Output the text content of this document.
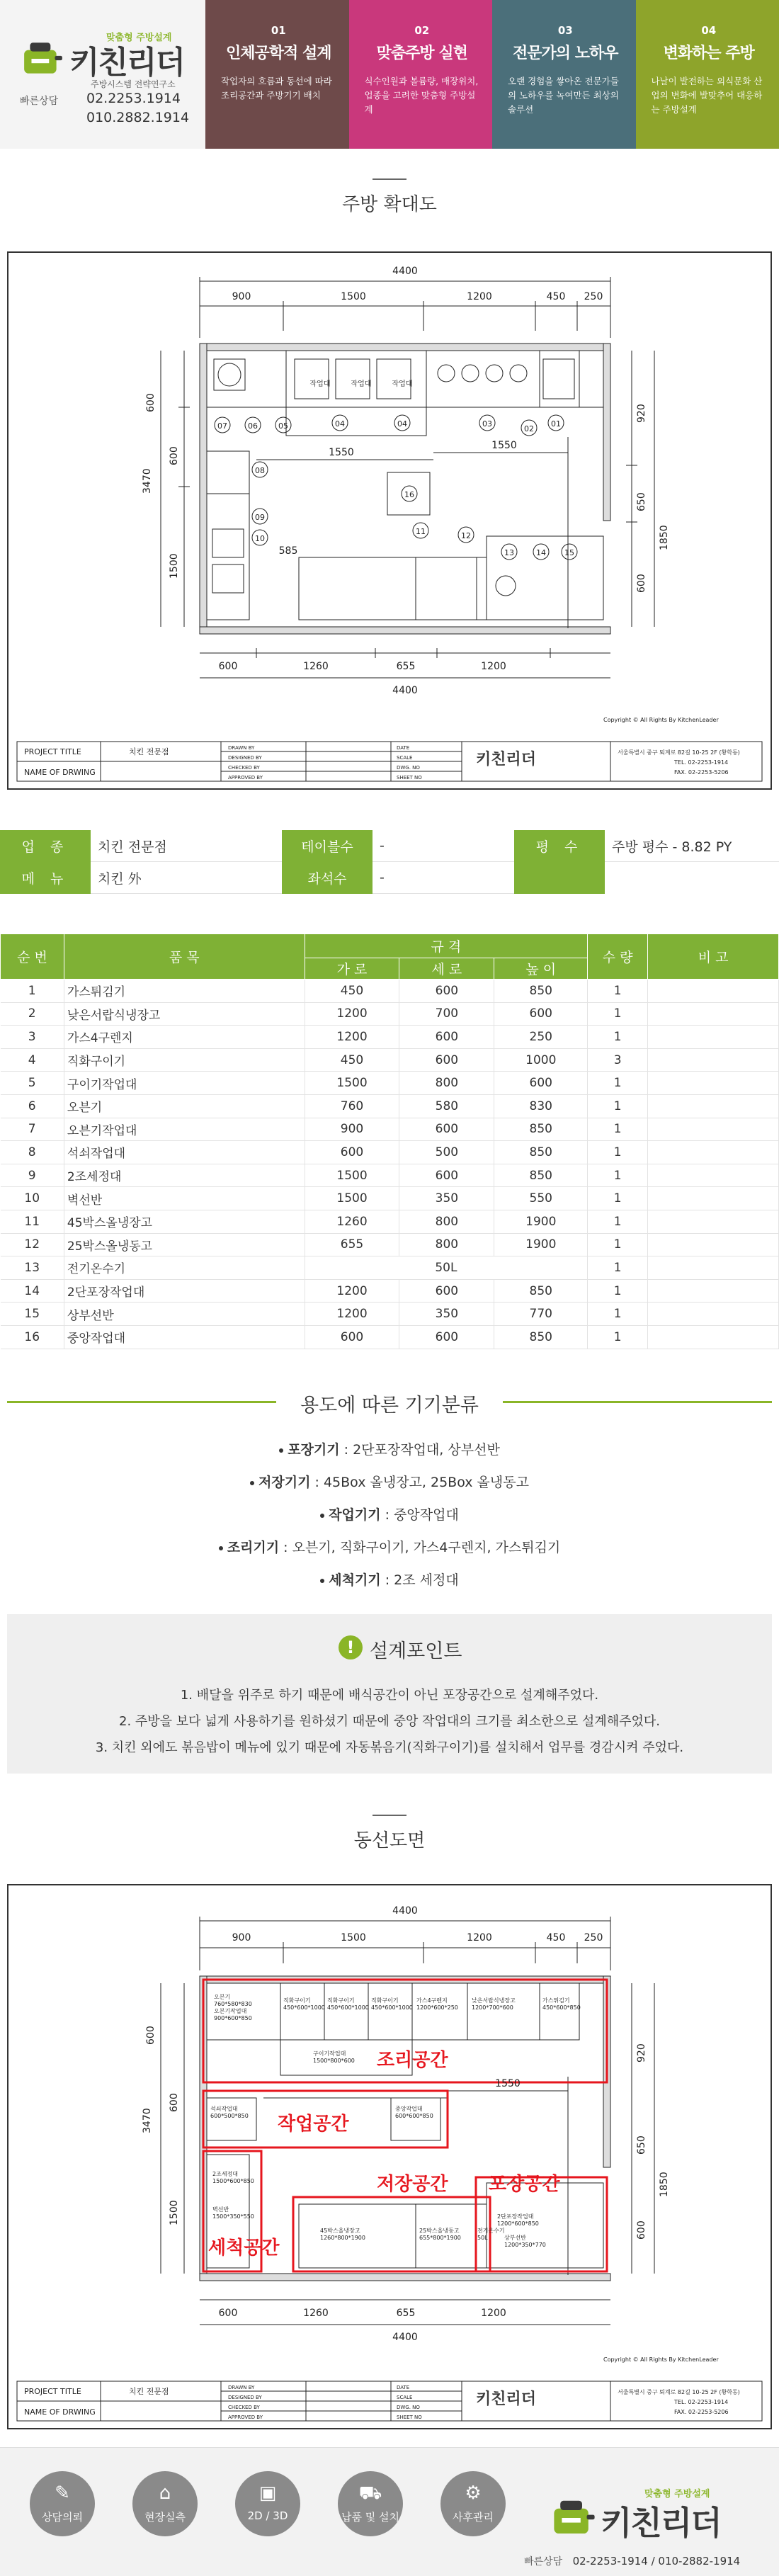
맞춤형 주방설계
키친리더
주방시스템 전략연구소
빠른상담 02.2253.1914
010.2882.1914
01
인체공학적 설계
작업자의 흐름과 동선에 따라 조리공간과 주방기기 배치
02
맞춤주방 실현
식수인원과 볼륨량, 매장위치, 업종을 고려한 맞춤형 주방설계
03
전문가의 노하우
오랜 경험을 쌓아온 전문가들의 노하우를 녹여만든 최상의 솔루션
04
변화하는 주방
나날이 발전하는 외식문화 산업의 변화에 발맞추어 대응하는 주방설계
주방 확대도
4400
900	1500	1200	450 250
600	1260	655	1200
4400
1550
1550
585
작업대	작업대	작업대
01
02
03
04
04
05
06
07
08
09
10
11	12
13	14 15
16
600
3470
600
1500
920
650
1850
600
PROJECT TITLE	치킨 전문점
NAME OF DRWING
DRAWN BY
DESIGNED BY
CHECKED BY
APPROVED BY
DATE
SCALE
DWG. NO
SHEET NO
키친리더	서울특별시 중구 퇴계로 82길 10-25 2F (황학동)
TEL. 02-2253-1914
FAX. 02-2253-5206
Copyright © All Rights By KitchenLeader
업 종	치킨 전문점	테이블수	-	평 수	주방 평수 - 8.82 PY
메 뉴	치킨 外	좌석수	-
순 번	품 목	규 격			수 량	비 고
		가 로	세 로	높 이		
1	가스튀김기	450	600	850	1	
2	낮은서랍식냉장고	1200	700	600	1	
3	가스4구렌지	1200	600	250	1	
4	직화구이기	450	600	1000	3	
5	구이기작업대	1500	800	600	1	
6	오븐기	760	580	830	1	
7	오븐기작업대	900	600	850	1	
8	석쇠작업대	600	500	850	1	
9	2조세정대	1500	600	850	1	
10	벽선반	1500	350	550	1	
11	45박스올냉장고	1260	800	1900	1	
12	25박스올냉동고	655	800	1900	1	
13	전기온수기	50L			1	
14	2단포장작업대	1200	600	850	1	
15	상부선반	1200	350	770	1	
16	중앙작업대	600	600	850	1	
용도에 따른 기기분류
포장기기 : 2단포장작업대, 상부선반
저장기기 : 45Box 올냉장고, 25Box 올냉동고
작업기기 : 중앙작업대
조리기기 : 오븐기, 직화구이기, 가스4구렌지, 가스튀김기
세척기기 : 2조 세정대
! 설계포인트
1. 배달을 위주로 하기 때문에 배식공간이 아닌 포장공간으로 설계해주었다.
2. 주방을 보다 넓게 사용하기를 원하셨기 때문에 중앙 작업대의 크기를 최소한으로 설계해주었다.
3. 치킨 외에도 볶음밥이 메뉴에 있기 때문에 자동볶음기(직화구이기)를 설치해서 업무를 경감시켜 주었다.
동선도면
4400
900	1500	1200	450 250
600	1260	655	1200
4400
1550
600
3470
600
1500
920
650
1850
600
조리공간
작업공간
저장공간 포장공간
세척공간
PROJECT TITLE	치킨 전문점
NAME OF DRWING
DRAWN BY
DESIGNED BY
CHECKED BY
APPROVED BY
DATE
SCALE
DWG. NO
SHEET NO
키친리더	서울특별시 중구 퇴계로 82길 10-25 2F (황학동)
TEL. 02-2253-1914
FAX. 02-2253-5206
Copyright © All Rights By KitchenLeader
오븐기 760*580*830 오븐기작업대 900*600*850
직화구이기 450*600*1000
직화구이기 450*600*1000
직화구이기 450*600*1000
가스4구렌지 1200*600*250
낮은서랍식냉장고 1200*700*600
가스튀김기 450*600*850
구이기작업대 1500*800*600
석쇠작업대 600*500*850
중앙작업대 600*600*850
2조세정대 1500*600*850
벽선반 1500*350*550
45박스올냉장고 1260*800*1900
25박스올냉동고 655*800*1900
전기온수기 50L
2단포장작업대 1200*600*850
상부선반 1200*350*770
✎
상담의뢰
⌂
현장실측
▣
2D / 3D
⛟
납품 및 설치
⚙
사후관리
맞춤형 주방설계
키친리더
빠른상담 02-2253-1914 / 010-2882-1914
